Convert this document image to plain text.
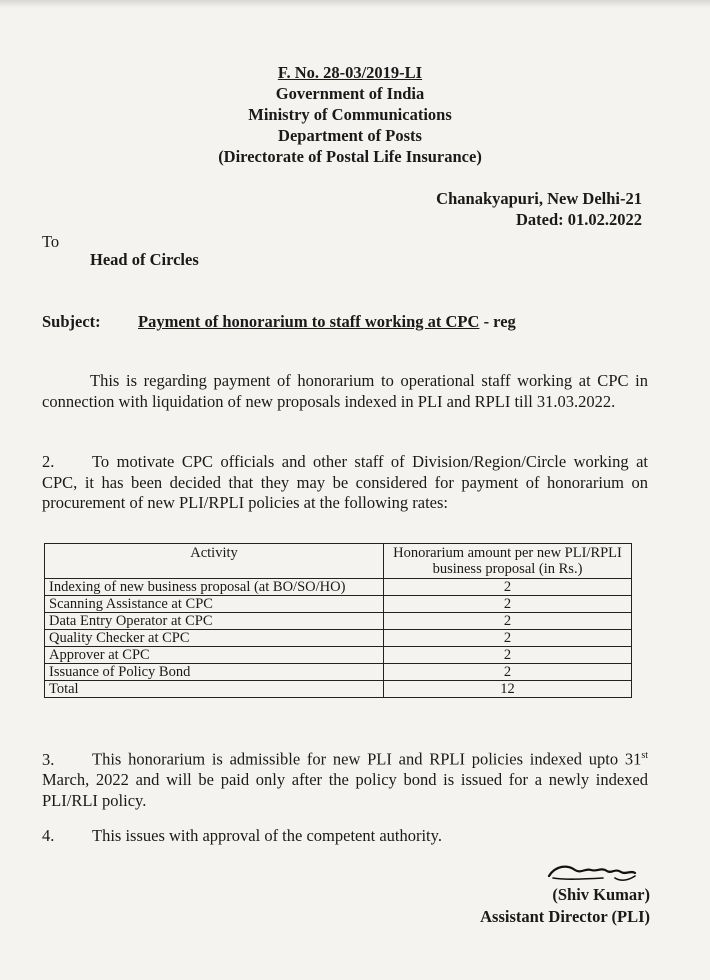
F. No. 28-03/2019-LI
Government of India
Ministry of Communications
Department of Posts
(Directorate of Postal Life Insurance)
Chanakyapuri, New Delhi-21
Dated: 01.02.2022
To
Head of Circles
Subject: Payment of honorarium to staff working at CPC - reg
This is regarding payment of honorarium to operational staff working at CPC in connection with liquidation of new proposals indexed in PLI and RPLI till 31.03.2022.
2. To motivate CPC officials and other staff of Division/Region/Circle working at CPC, it has been decided that they may be considered for payment of honorarium on procurement of new PLI/RPLI policies at the following rates:
Activity	Honorarium amount per new PLI/RPLI business proposal (in Rs.)
Indexing of new business proposal (at BO/SO/HO)	2
Scanning Assistance at CPC	2
Data Entry Operator at CPC	2
Quality Checker at CPC	2
Approver at CPC	2
Issuance of Policy Bond	2
Total	12
3. This honorarium is admissible for new PLI and RPLI policies indexed upto 31st March, 2022 and will be paid only after the policy bond is issued for a newly indexed PLI/RLI policy.
4. This issues with approval of the competent authority.
(Shiv Kumar)
Assistant Director (PLI)
